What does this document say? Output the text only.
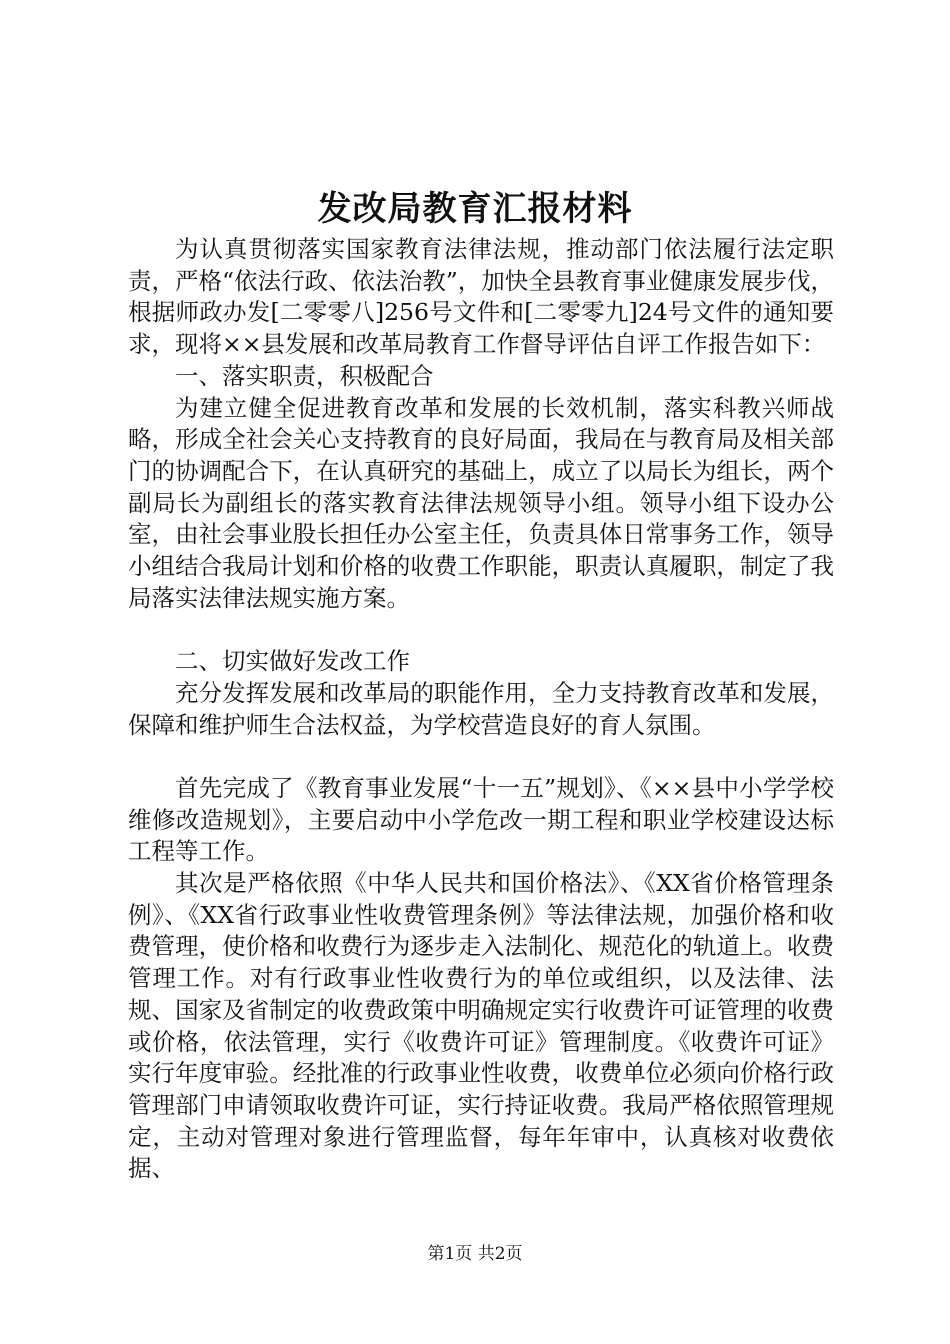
发改局教育汇报材料

为认真贯彻落实国家教育法律法规，推动部门依法履行法定职责，严格“依法行政、依法治教”，加快全县教育事业健康发展步伐，根据师政办发[二零零八]256号文件和[二零零九]24号文件的通知要求，现将××县发展和改革局教育工作督导评估自评工作报告如下：

一、落实职责，积极配合

为建立健全促进教育改革和发展的长效机制，落实科教兴师战略，形成全社会关心支持教育的良好局面，我局在与教育局及相关部门的协调配合下，在认真研究的基础上，成立了以局长为组长，两个副局长为副组长的落实教育法律法规领导小组。领导小组下设办公室，由社会事业股长担任办公室主任，负责具体日常事务工作，领导小组结合我局计划和价格的收费工作职能，职责认真履职，制定了我局落实法律法规实施方案。

二、切实做好发改工作

充分发挥发展和改革局的职能作用，全力支持教育改革和发展，保障和维护师生合法权益，为学校营造良好的育人氛围。

首先完成了《教育事业发展“十一五”规划》、《××县中小学学校维修改造规划》，主要启动中小学危改一期工程和职业学校建设达标工程等工作。

其次是严格依照《中华人民共和国价格法》、《XX省价格管理条例》、《XX省行政事业性收费管理条例》等法律法规，加强价格和收费管理，使价格和收费行为逐步走入法制化、规范化的轨道上。收费管理工作。对有行政事业性收费行为的单位或组织，以及法律、法规、国家及省制定的收费政策中明确规定实行收费许可证管理的收费或价格，依法管理，实行《收费许可证》管理制度。《收费许可证》实行年度审验。经批准的行政事业性收费，收费单位必须向价格行政管理部门申请领取收费许可证，实行持证收费。我局严格依照管理规定，主动对管理对象进行管理监督，每年年审中，认真核对收费依据、

第1页 共2页
